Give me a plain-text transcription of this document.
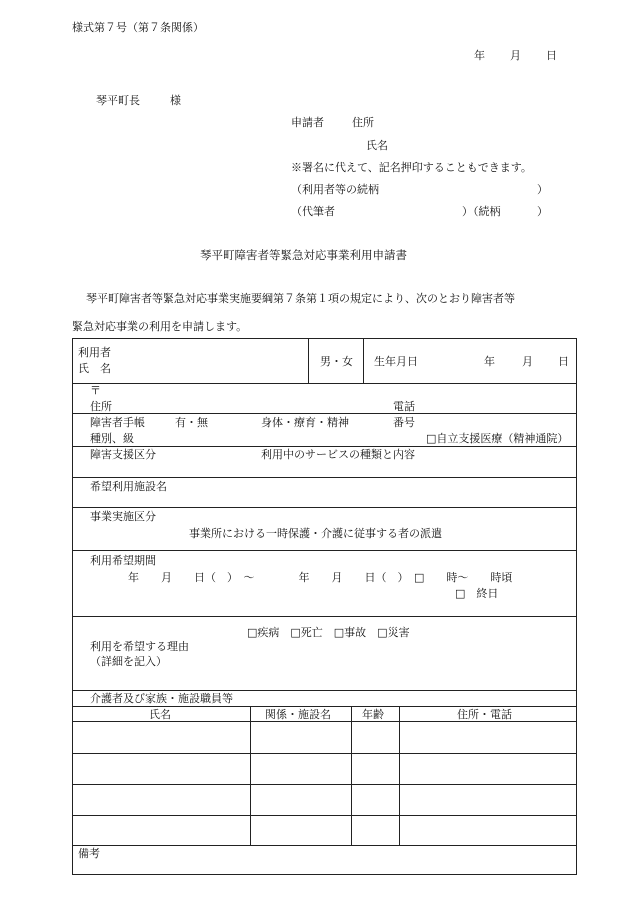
様式第７号（第７条関係）
年 月 日
琴平町長	様
申請者	住所
氏名
※署名に代えて、記名押印することもできます。
（利用者等の続柄	）
（代筆者	）（続柄	）
琴平町障害者等緊急対応事業利用申請書
琴平町障害者等緊急対応事業実施要綱第７条第１項の規定により、次のとおり障害者等
緊急対応事業の利用を申請します。
利用者
氏　名
男・女 生年月日	年 月 日
〒
住所	電話
障害者手帳	有・無	身体・療育・精神	番号
種別、級	□自立支援医療（精神通院）
障害支援区分	利用中のサービスの種類と内容
希望利用施設名
事業実施区分
事業所における一時保護・介護に従事する者の派遣
利用希望期間
年　　月　　日（　）　〜　　　　年　　月　　日（　）　□　　時〜　　時頃
□　終日
□疾病　□死亡　□事故　□災害
利用を希望する理由
（詳細を記入）
介護者及び家族・施設職員等
氏名	関係・施設名	年齢	住所・電話
備考
